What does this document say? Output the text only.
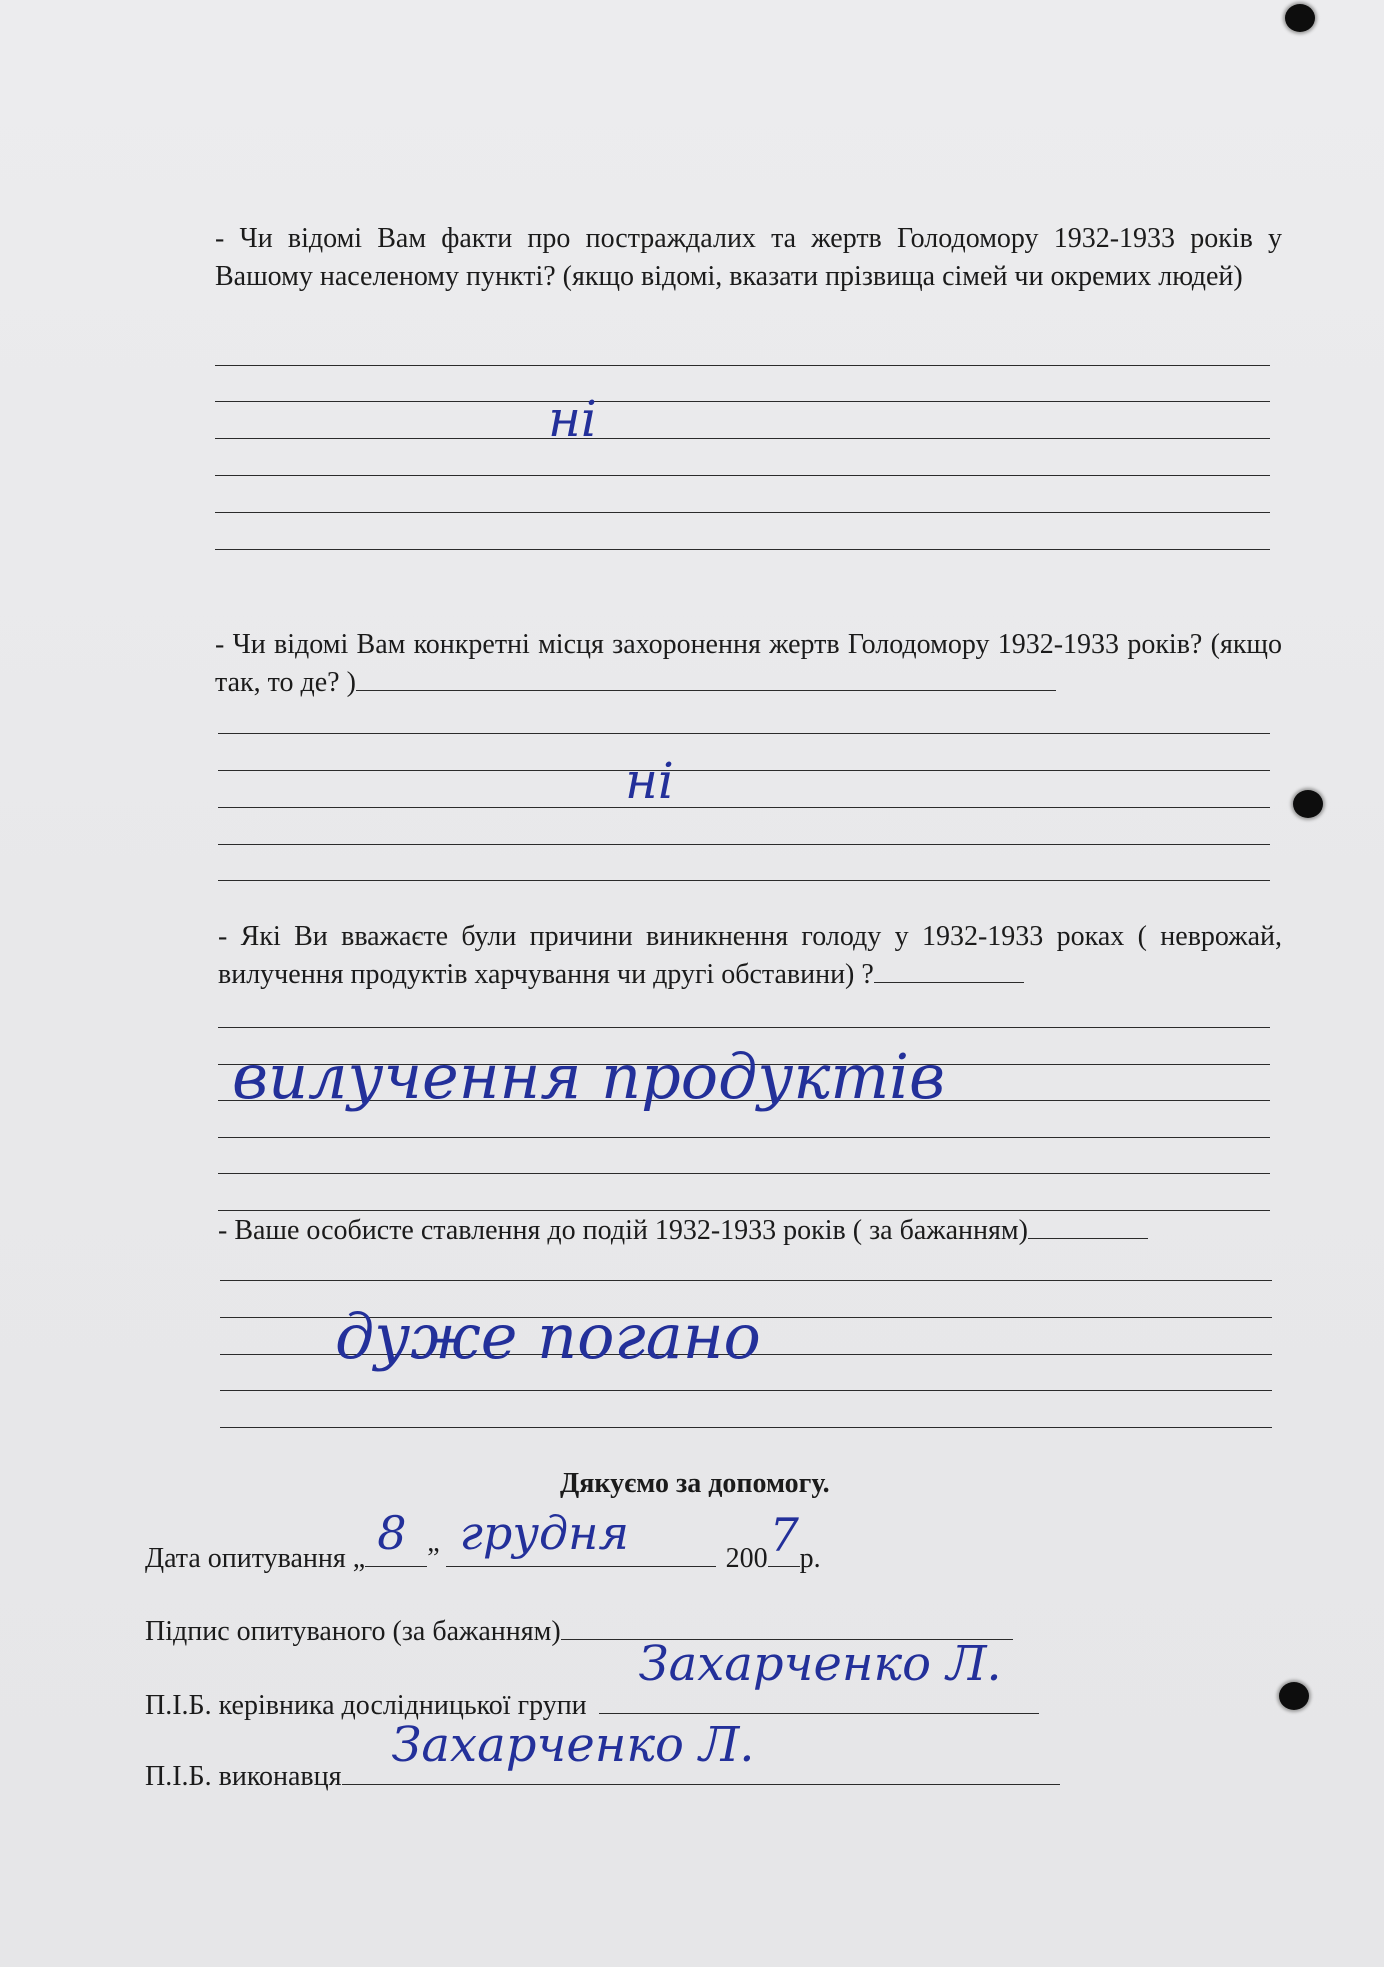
- Чи відомі Вам факти про постраждалих та жертв Голодомору 1932-1933 років у Вашому населеному пункті? (якщо відомі, вказати прізвища сімей чи окремих людей)
ні
- Чи відомі Вам конкретні місця захоронення жертв Голодомору 1932-1933 років? (якщо так, то де? )
ні
- Які Ви вважаєте були причини виникнення голоду у 1932-1933 роках ( неврожай, вилучення продуктів харчування чи другі обставини) ?
вилучення продуктів
- Ваше особисте ставлення до подій 1932-1933 років ( за бажанням)
дуже погано
Дякуємо за допомогу.
Дата опитування „ 8 ” грудня	200 7 р.
Підпис опитуваного (за бажанням)
П.І.Б. керівника дослідницької групи
Захарченко Л.
П.І.Б. виконавця
Захарченко Л.
